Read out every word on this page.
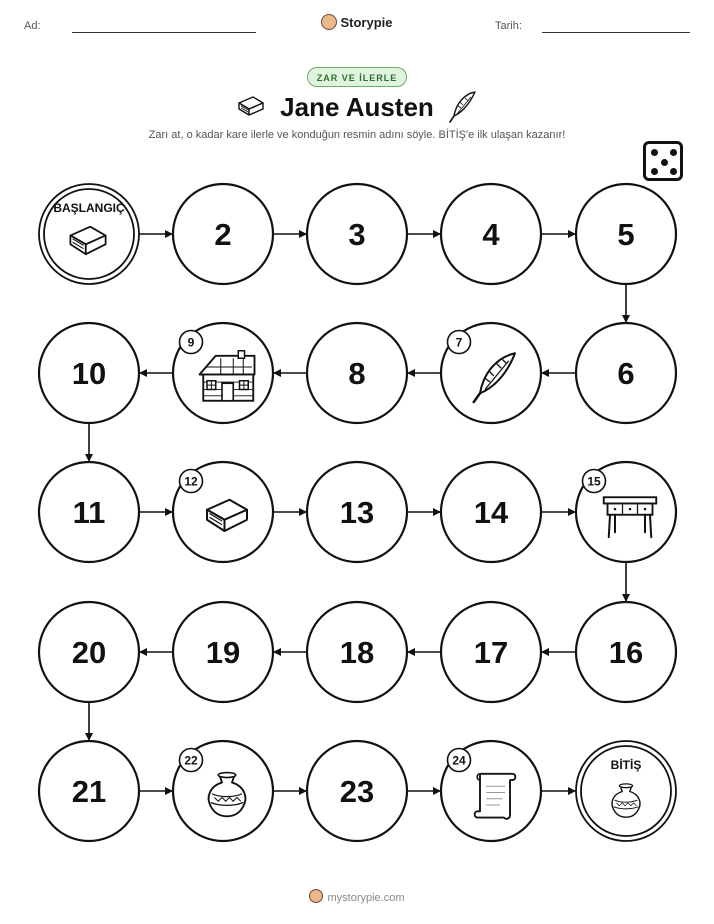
Ad:	Storypie	Tarih:
ZAR VE İLERLE
Jane Austen
Zarı at, o kadar kare ilerle ve konduğun resmin adını söyle. BİTİŞ'e ilk ulaşan kazanır!
BAŞLANGIÇ
2	3	4	5
6
7
8
9
10
11
12
13	14
15
16
17
18
19
20
21
22
23
24	BİTİŞ
mystorypie.com
